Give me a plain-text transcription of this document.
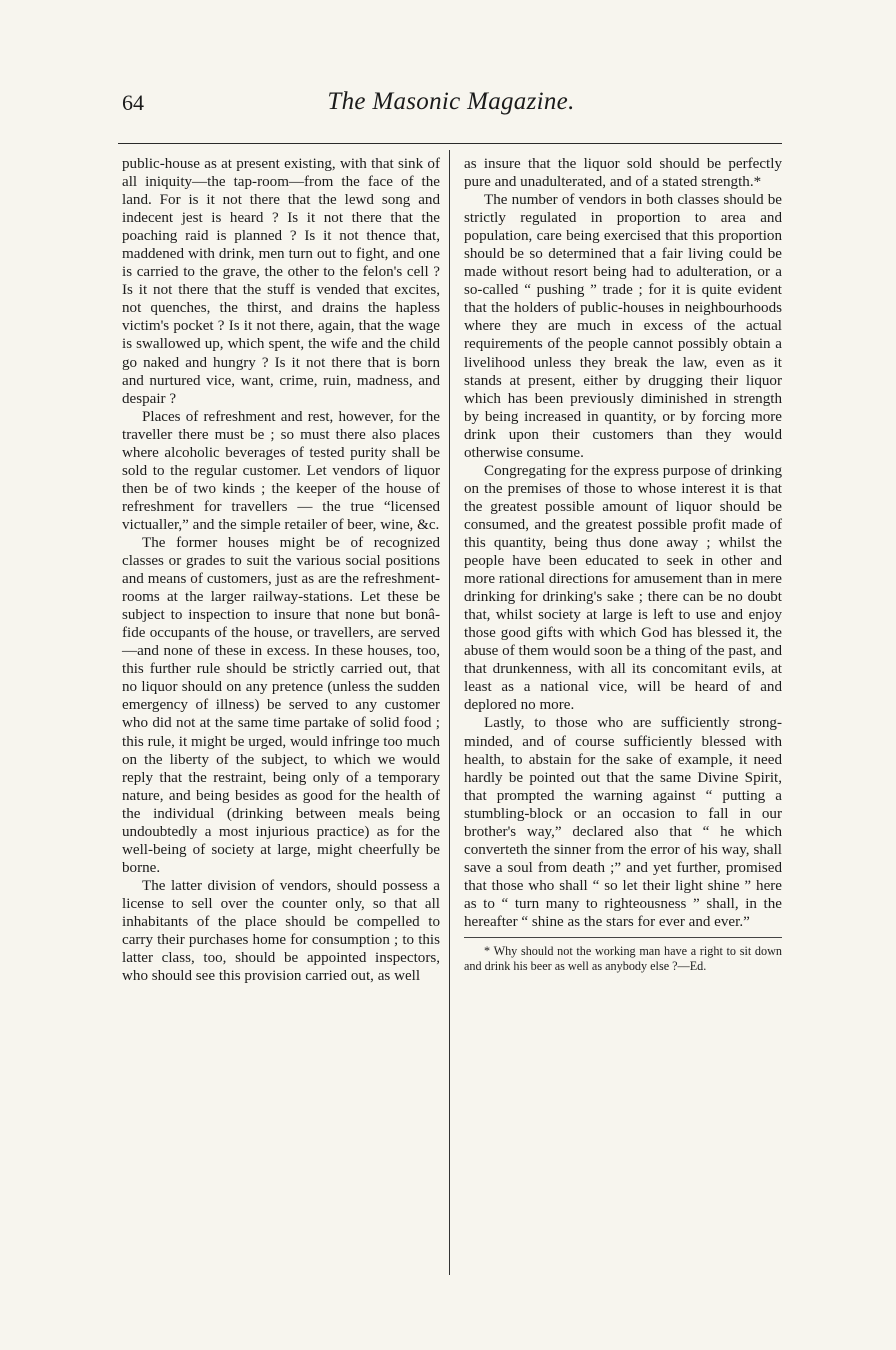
64	The Masonic Magazine.

public-house as at present existing, with that sink of all iniquity—the tap-room—from the face of the land. For is it not there that the lewd song and indecent jest is heard ? Is it not there that the poaching raid is planned ? Is it not thence that, maddened with drink, men turn out to fight, and one is carried to the grave, the other to the felon's cell ? Is it not there that the stuff is vended that excites, not quenches, the thirst, and drains the hapless victim's pocket ? Is it not there, again, that the wage is swallowed up, which spent, the wife and the child go naked and hungry ? Is it not there that is born and nurtured vice, want, crime, ruin, madness, and despair ?

Places of refreshment and rest, however, for the traveller there must be ; so must there also places where alcoholic beverages of tested purity shall be sold to the regular customer. Let vendors of liquor then be of two kinds ; the keeper of the house of refreshment for travellers — the true “licensed victualler,” and the simple retailer of beer, wine, &c.

The former houses might be of recognized classes or grades to suit the various social positions and means of customers, just as are the refreshment-rooms at the larger railway-stations. Let these be subject to inspection to insure that none but bonâ-fide occupants of the house, or travellers, are served—and none of these in excess. In these houses, too, this further rule should be strictly carried out, that no liquor should on any pretence (unless the sudden emergency of illness) be served to any customer who did not at the same time partake of solid food ; this rule, it might be urged, would infringe too much on the liberty of the subject, to which we would reply that the restraint, being only of a temporary nature, and being besides as good for the health of the individual (drinking between meals being undoubtedly a most injurious practice) as for the well-being of society at large, might cheerfully be borne.

The latter division of vendors, should possess a license to sell over the counter only, so that all inhabitants of the place should be compelled to carry their purchases home for consumption ; to this latter class, too, should be appointed inspectors, who should see this provision carried out, as well

as insure that the liquor sold should be perfectly pure and unadulterated, and of a stated strength.*

The number of vendors in both classes should be strictly regulated in proportion to area and population, care being exercised that this proportion should be so determined that a fair living could be made without resort being had to adulteration, or a so-called “ pushing ” trade ; for it is quite evident that the holders of public-houses in neighbourhoods where they are much in excess of the actual requirements of the people cannot possibly obtain a livelihood unless they break the law, even as it stands at present, either by drugging their liquor which has been previously diminished in strength by being increased in quantity, or by forcing more drink upon their customers than they would otherwise consume.

Congregating for the express purpose of drinking on the premises of those to whose interest it is that the greatest possible amount of liquor should be consumed, and the greatest possible profit made of this quantity, being thus done away ; whilst the people have been educated to seek in other and more rational directions for amusement than in mere drinking for drinking's sake ; there can be no doubt that, whilst society at large is left to use and enjoy those good gifts with which God has blessed it, the abuse of them would soon be a thing of the past, and that drunkenness, with all its concomitant evils, at least as a national vice, will be heard of and deplored no more.

Lastly, to those who are sufficiently strong-minded, and of course sufficiently blessed with health, to abstain for the sake of example, it need hardly be pointed out that the same Divine Spirit, that prompted the warning against “ putting a stumbling-block or an occasion to fall in our brother's way,” declared also that “ he which converteth the sinner from the error of his way, shall save a soul from death ;” and yet further, promised that those who shall “ so let their light shine ” here as to “ turn many to righteousness ” shall, in the hereafter “ shine as the stars for ever and ever.”

* Why should not the working man have a right to sit down and drink his beer as well as anybody else ?—Ed.
